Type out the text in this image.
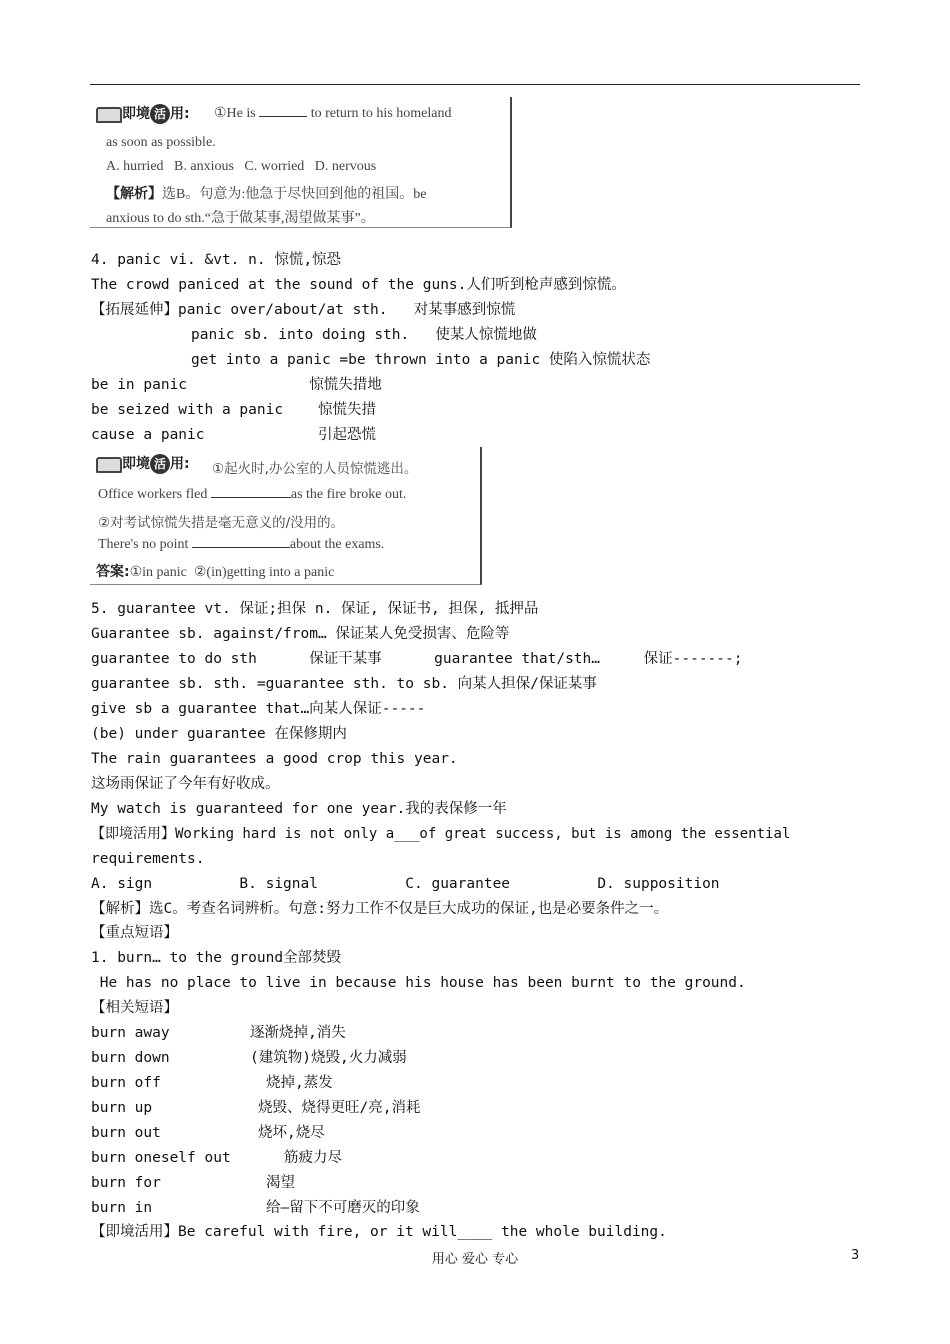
即境 活 用: ①He is	to return to his homeland
as soon as possible.
A. hurried   B. anxious   C. worried   D. nervous
【解析】选B。句意为:他急于尽快回到他的祖国。be
anxious to do sth.“急于做某事,渴望做某事”。
4. panic vi. &vt. n. 惊慌,惊恐
The crowd paniced at the sound of the guns.人们听到枪声感到惊慌。
【拓展延伸】panic over/about/at sth.   对某事感到惊慌
panic sb. into doing sth.   使某人惊慌地做
get into a panic =be thrown into a panic 使陷入惊慌状态
be in panic              惊慌失措地
be seized with a panic    惊慌失措
cause a panic             引起恐慌
即境 活 用: ①起火时,办公室的人员惊慌逃出。
Office workers fled	as the fire broke out.
②对考试惊慌失措是毫无意义的/没用的。
There's no point	about the exams.
答案:①in panic  ②(in)getting into a panic
5. guarantee vt. 保证;担保 n. 保证, 保证书, 担保, 抵押品
Guarantee sb. against/from… 保证某人免受损害、危险等
guarantee to do sth      保证干某事      guarantee that/sth…     保证-------;
guarantee sb. sth. =guarantee sth. to sb. 向某人担保/保证某事
give sb a guarantee that…向某人保证-----
(be) under guarantee 在保修期内
The rain guarantees a good crop this year.
这场雨保证了今年有好收成。
My watch is guaranteed for one year.我的表保修一年
【即境活用】Working hard is not only a___of great success, but is among the essential
requirements.
A. sign          B. signal          C. guarantee          D. supposition
【解析】选C。考查名词辨析。句意:努力工作不仅是巨大成功的保证,也是必要条件之一。
【重点短语】
1. burn… to the ground全部焚毁
He has no place to live in because his house has been burnt to the ground.
【相关短语】
burn away	逐渐烧掉,消失
burn down	(建筑物)烧毁,火力减弱
burn off	烧掉,蒸发
burn up	烧毁、烧得更旺/亮,消耗
burn out	烧坏,烧尽
burn oneself out	筋疲力尽
burn for	渴望
burn in	给—留下不可磨灭的印象
【即境活用】Be careful with fire, or it will____ the whole building.
用心 爱心 专心	3
